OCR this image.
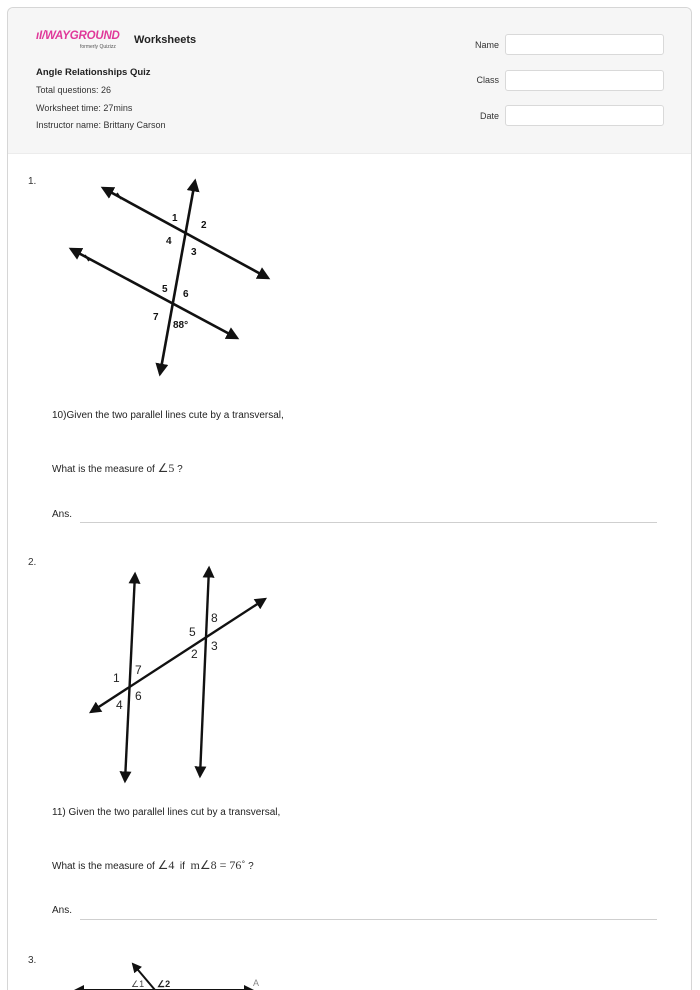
ıI/WAYGROUND
formerly Quizizz
Worksheets
Angle Relationships Quiz
Total questions: 26
Worksheet time: 27mins
Instructor name: Brittany Carson
Name
Class
Date
1.
1
2
3
4
5 6
7
88°
10)Given the two parallel lines cute by a transversal,
What is the measure of ∠5 ?
Ans.
2.
8
5
3
2
1
7
6
4
11) Given the two parallel lines cut by a transversal,
What is the measure of ∠4  if  m∠8 = 76˚ ?
Ans.
3.
∠1 ∠2	A
